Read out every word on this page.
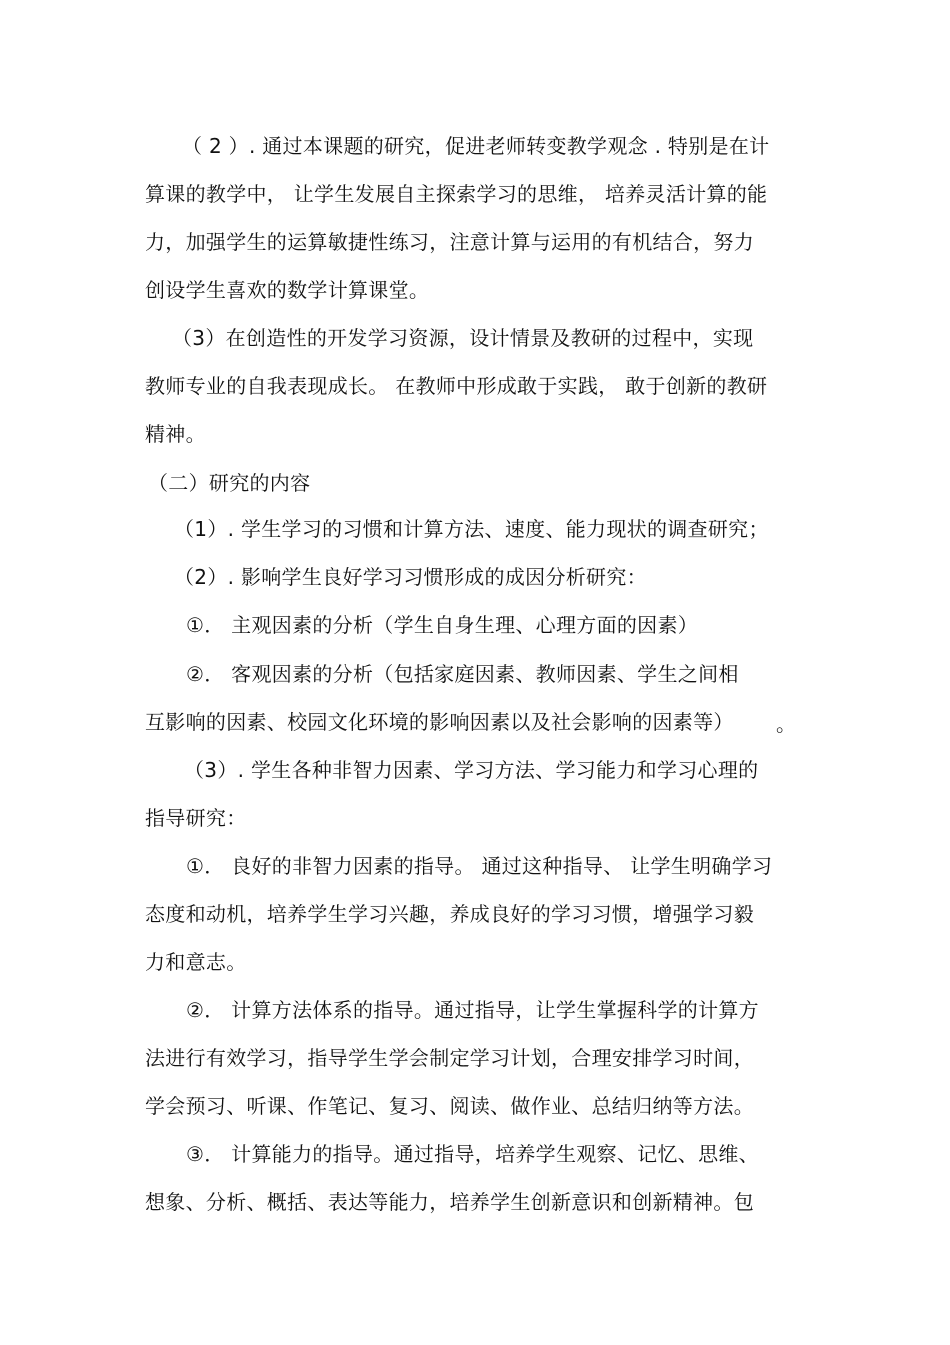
（ 2 ）. 通过本课题的研究，促进老师转变教学观念 . 特别是在计
算课的教学中， 让学生发展自主探索学习的思维， 培养灵活计算的能
力，加强学生的运算敏捷性练习，注意计算与运用的有机结合，努力
创设学生喜欢的数学计算课堂。
（3）在创造性的开发学习资源，设计情景及教研的过程中，实现
教师专业的自我表现成长。 在教师中形成敢于实践， 敢于创新的教研
精神。
（二）研究的内容
（1）. 学生学习的习惯和计算方法、速度、能力现状的调查研究；
（2）. 影响学生良好学习习惯形成的成因分析研究：
①． 主观因素的分析（学生自身生理、心理方面的因素）
②． 客观因素的分析（包括家庭因素、教师因素、学生之间相
互影响的因素、校园文化环境的影响因素以及社会影响的因素等） 。
（3）. 学生各种非智力因素、学习方法、学习能力和学习心理的
指导研究：
①． 良好的非智力因素的指导。 通过这种指导、 让学生明确学习
态度和动机，培养学生学习兴趣，养成良好的学习习惯，增强学习毅
力和意志。
②． 计算方法体系的指导。通过指导，让学生掌握科学的计算方
法进行有效学习，指导学生学会制定学习计划，合理安排学习时间，
学会预习、听课、作笔记、复习、阅读、做作业、总结归纳等方法。
③． 计算能力的指导。通过指导，培养学生观察、记忆、思维、
想象、分析、概括、表达等能力，培养学生创新意识和创新精神。包
